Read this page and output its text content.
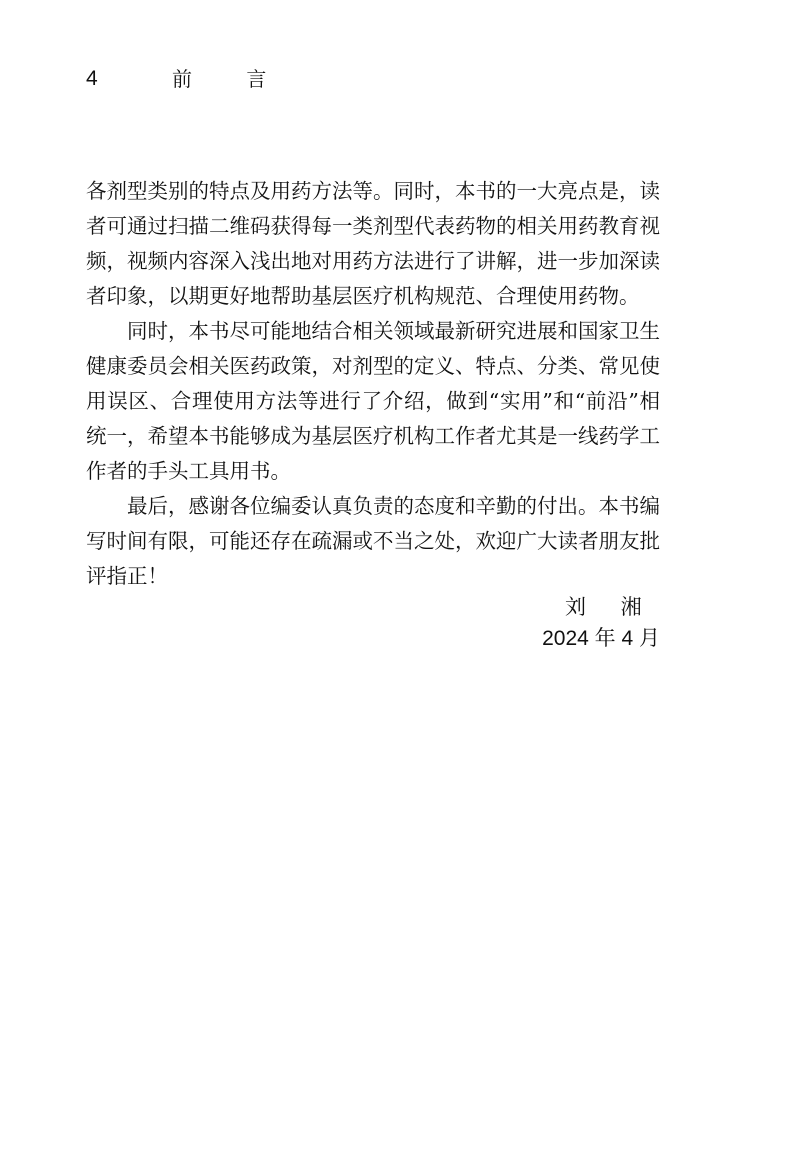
4	前 言

各剂型类别的特点及用药方法等。同时，本书的一大亮点是，读者可通过扫描二维码获得每一类剂型代表药物的相关用药教育视频，视频内容深入浅出地对用药方法进行了讲解，进一步加深读者印象，以期更好地帮助基层医疗机构规范、合理使用药物。

同时，本书尽可能地结合相关领域最新研究进展和国家卫生健康委员会相关医药政策，对剂型的定义、特点、分类、常见使用误区、合理使用方法等进行了介绍，做到“实用”和“前沿”相统一，希望本书能够成为基层医疗机构工作者尤其是一线药学工作者的手头工具用书。

最后，感谢各位编委认真负责的态度和辛勤的付出。本书编写时间有限，可能还存在疏漏或不当之处，欢迎广大读者朋友批评指正！

刘 湘
2024 年 4 月
